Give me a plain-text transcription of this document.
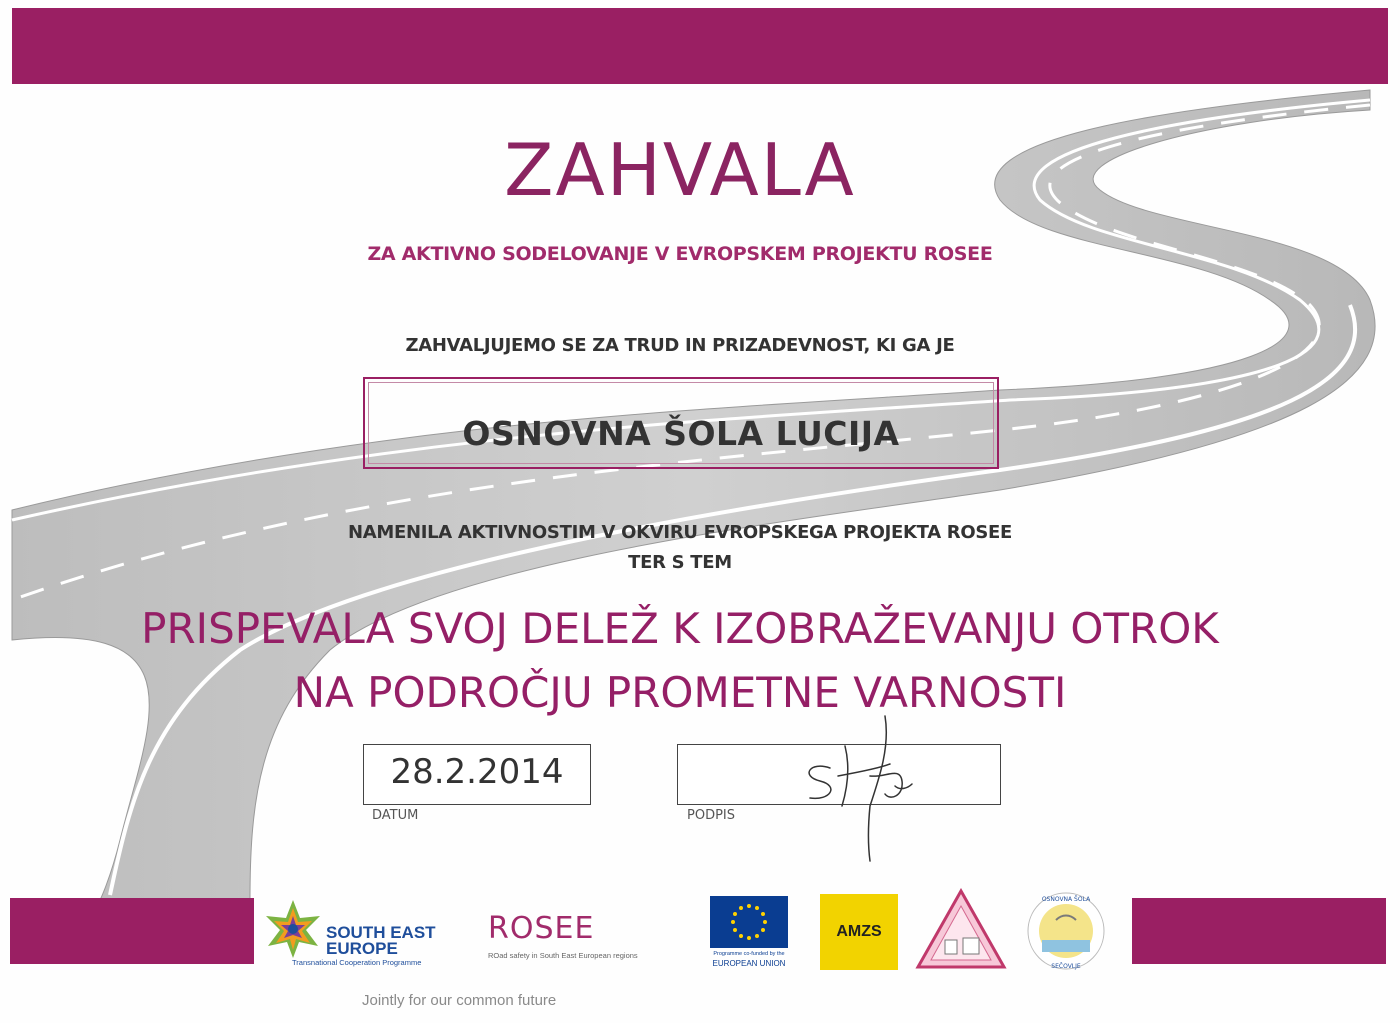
ZAHVALA
ZA AKTIVNO SODELOVANJE V EVROPSKEM PROJEKTU ROSEE
ZAHVALJUJEMO SE ZA TRUD IN PRIZADEVNOST, KI GA JE
OSNOVNA ŠOLA LUCIJA
NAMENILA AKTIVNOSTIM V OKVIRU EVROPSKEGA PROJEKTA ROSEE
TER S TEM
PRISPEVALA SVOJ DELEŽ K IZOBRAŽEVANJU OTROK
NA PODROČJU PROMETNE VARNOSTI
28.2.2014
DATUM	PODPIS
SOUTH EAST
EUROPE
Transnational Cooperation Programme
ROSEE
ROad safety in South East European regions
Jointly for our common future
Programme co-funded by the
EUROPEAN UNION
AMZS
OSNOVNA ŠOLA
SEČOVLJE
